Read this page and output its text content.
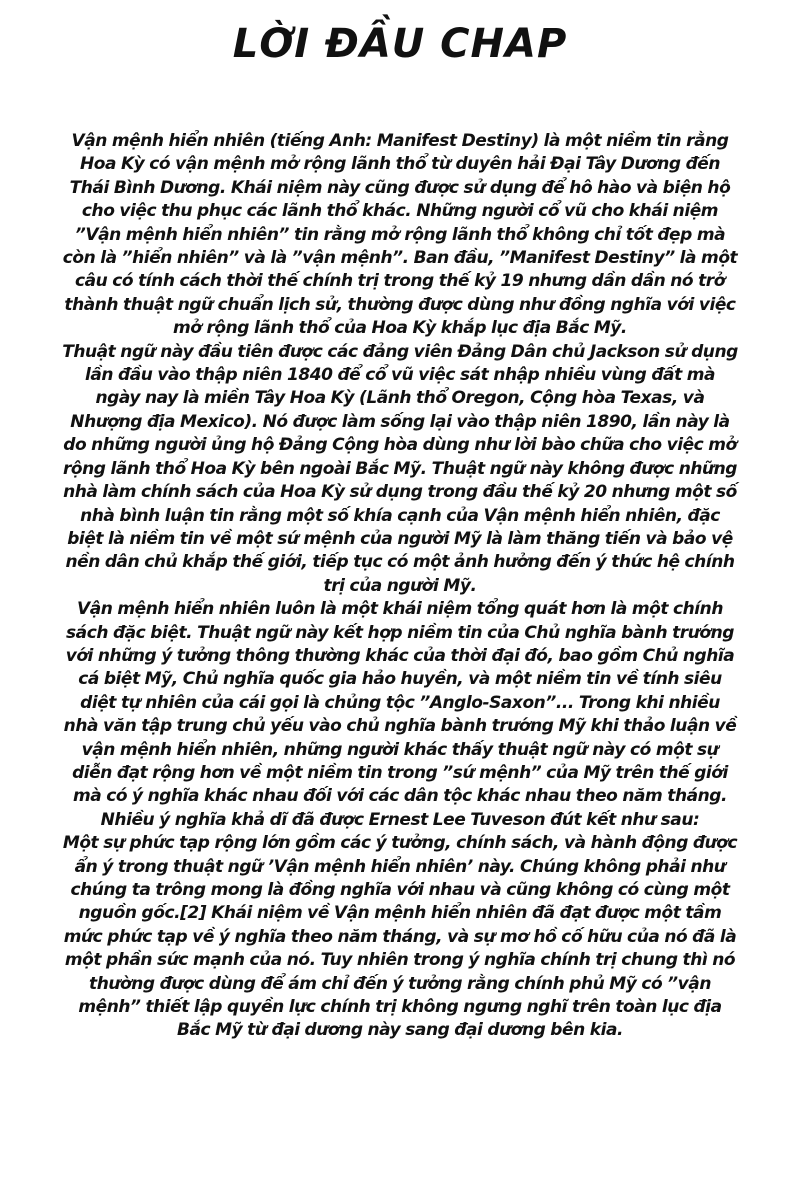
LỜI ĐẦU CHAP

Vận mệnh hiển nhiên (tiếng Anh: Manifest Destiny) là một niềm tin rằng Hoa Kỳ có vận mệnh mở rộng lãnh thổ từ duyên hải Đại Tây Dương đến Thái Bình Dương. Khái niệm này cũng được sử dụng để hô hào và biện hộ cho việc thu phục các lãnh thổ khác. Những người cổ vũ cho khái niệm ”Vận mệnh hiển nhiên” tin rằng mở rộng lãnh thổ không chỉ tốt đẹp mà còn là ”hiển nhiên” và là ”vận mệnh”. Ban đầu, ”Manifest Destiny” là một câu có tính cách thời thế chính trị trong thế kỷ 19 nhưng dần dần nó trở thành thuật ngữ chuẩn lịch sử, thường được dùng như đồng nghĩa với việc mở rộng lãnh thổ của Hoa Kỳ khắp lục địa Bắc Mỹ.

Thuật ngữ này đầu tiên được các đảng viên Đảng Dân chủ Jackson sử dụng lần đầu vào thập niên 1840 để cổ vũ việc sát nhập nhiều vùng đất mà ngày nay là miền Tây Hoa Kỳ (Lãnh thổ Oregon, Cộng hòa Texas, và Nhượng địa Mexico). Nó được làm sống lại vào thập niên 1890, lần này là do những người ủng hộ Đảng Cộng hòa dùng như lời bào chữa cho việc mở rộng lãnh thổ Hoa Kỳ bên ngoài Bắc Mỹ. Thuật ngữ này không được những nhà làm chính sách của Hoa Kỳ sử dụng trong đầu thế kỷ 20 nhưng một số nhà bình luận tin rằng một số khía cạnh của Vận mệnh hiển nhiên, đặc biệt là niềm tin về một sứ mệnh của người Mỹ là làm thăng tiến và bảo vệ nền dân chủ khắp thế giới, tiếp tục có một ảnh hưởng đến ý thức hệ chính trị của người Mỹ.

Vận mệnh hiển nhiên luôn là một khái niệm tổng quát hơn là một chính sách đặc biệt. Thuật ngữ này kết hợp niềm tin của Chủ nghĩa bành trướng với những ý tưởng thông thường khác của thời đại đó, bao gồm Chủ nghĩa cá biệt Mỹ, Chủ nghĩa quốc gia hảo huyền, và một niềm tin về tính siêu diệt tự nhiên của cái gọi là chủng tộc ”Anglo-Saxon”... Trong khi nhiều nhà văn tập trung chủ yếu vào chủ nghĩa bành trướng Mỹ khi thảo luận về vận mệnh hiển nhiên, những người khác thấy thuật ngữ này có một sự diễn đạt rộng hơn về một niềm tin trong ”sứ mệnh” của Mỹ trên thế giới mà có ý nghĩa khác nhau đối với các dân tộc khác nhau theo năm tháng. Nhiều ý nghĩa khả dĩ đã được Ernest Lee Tuveson đút kết như sau:

Một sự phức tạp rộng lớn gồm các ý tưởng, chính sách, và hành động được ẩn ý trong thuật ngữ ’Vận mệnh hiển nhiên’ này. Chúng không phải như chúng ta trông mong là đồng nghĩa với nhau và cũng không có cùng một nguồn gốc.[2] Khái niệm về Vận mệnh hiển nhiên đã đạt được một tầm mức phức tạp về ý nghĩa theo năm tháng, và sự mơ hồ cố hữu của nó đã là một phần sức mạnh của nó. Tuy nhiên trong ý nghĩa chính trị chung thì nó thường được dùng để ám chỉ đến ý tưởng rằng chính phủ Mỹ có ”vận mệnh” thiết lập quyền lực chính trị không ngưng nghĩ trên toàn lục địa Bắc Mỹ từ đại dương này sang đại dương bên kia.
